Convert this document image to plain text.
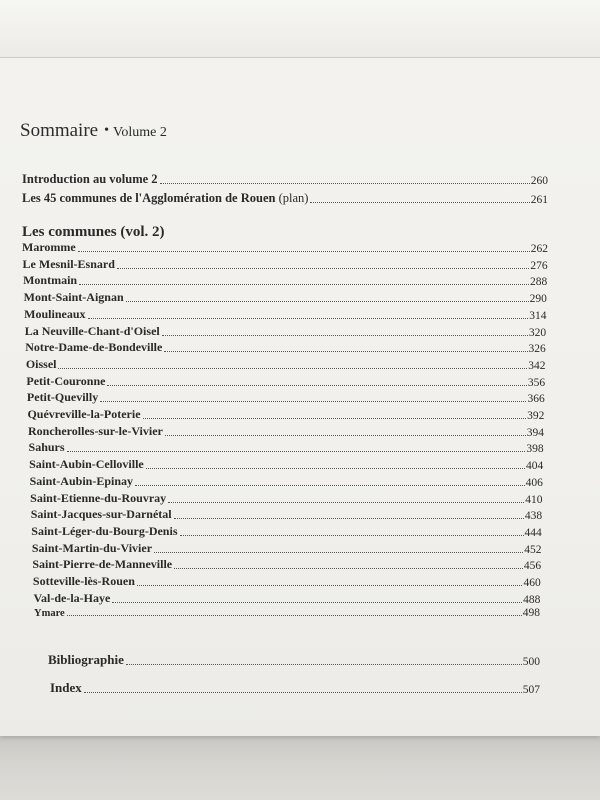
Sommaire • Volume 2
Introduction au volume 2	260
Les 45 communes de l'Agglomération de Rouen (plan)	261
Les communes (vol. 2)
Maromme	262
Le Mesnil-Esnard	276
Montmain	288
Mont-Saint-Aignan	290
Moulineaux	314
La Neuville-Chant-d'Oisel	320
Notre-Dame-de-Bondeville	326
Oissel	342
Petit-Couronne	356
Petit-Quevilly	366
Quévreville-la-Poterie	392
Roncherolles-sur-le-Vivier	394
Sahurs	398
Saint-Aubin-Celloville	404
Saint-Aubin-Epinay	406
Saint-Etienne-du-Rouvray	410
Saint-Jacques-sur-Darnétal	438
Saint-Léger-du-Bourg-Denis	444
Saint-Martin-du-Vivier	452
Saint-Pierre-de-Manneville	456
Sotteville-lès-Rouen	460
Val-de-la-Haye	488
Ymare	498
Bibliographie	500
Index	507
